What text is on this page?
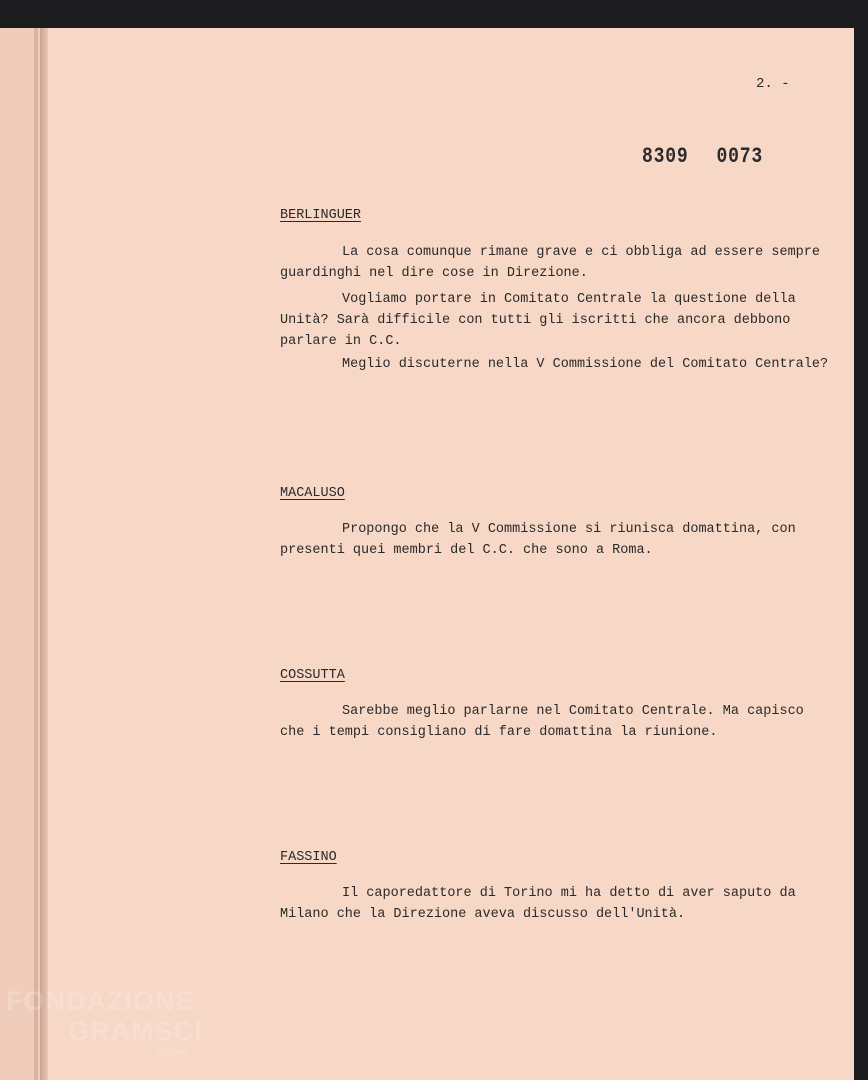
2. -
8309 0073
BERLINGUER

La cosa comunque rimane grave e ci obbliga ad essere sempre guardinghi nel dire cose in Direzione.

Vogliamo portare in Comitato Centrale la questione della Unità? Sarà difficile con tutti gli iscritti che ancora debbono parlare in C.C.

Meglio discuterne nella V Commissione del Comitato Centrale?

MACALUSO

Propongo che la V Commissione si riunisca domattina, con presenti quei membri del C.C. che sono a Roma.

COSSUTTA

Sarebbe meglio parlarne nel Comitato Centrale. Ma capisco che i tempi consigliano di fare domattina la riunione.

FASSINO

Il caporedattore di Torino mi ha detto di aver saputo da Milano che la Direzione aveva discusso dell'Unità.

FONDAZIONE
GRAMSCI
online
